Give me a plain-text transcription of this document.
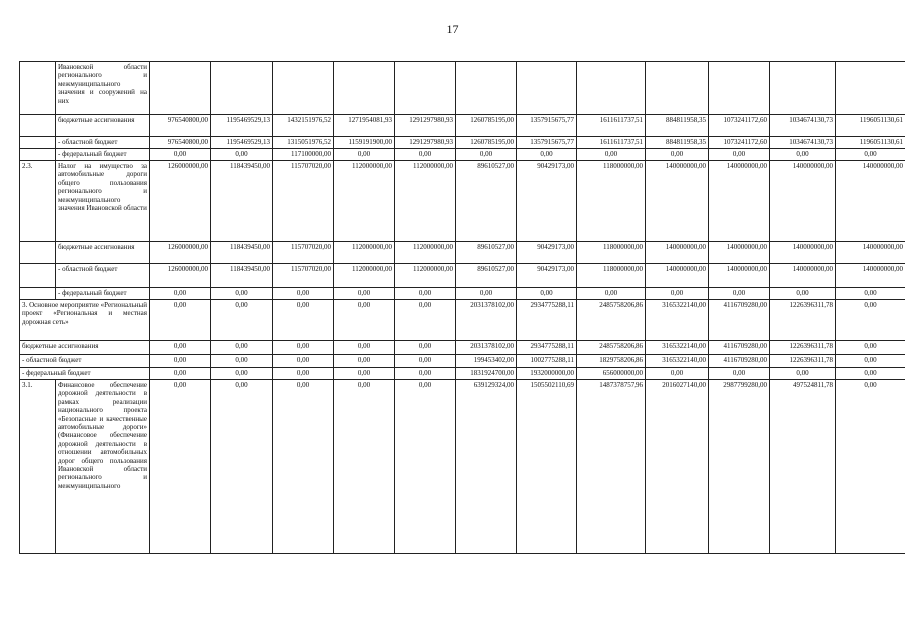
17
	Ивановской области регионального и межмуниципального значения и сооружений на них												
	бюджетные ассигнования	976540800,00	1195469529,13	1432151976,52	1271954081,93	1291297980,93	1260785195,00	1357915675,77	1611611737,51	884811958,35	1073241172,60	1034674130,73	1196051130,61
	- областной бюджет	976540800,00	1195469529,13	1315051976,52	1159191900,00	1291297980,93	1260785195,00	1357915675,77	1611611737,51	884811958,35	1073241172,60	1034674130,73	1196051130,61
	- федеральный бюджет	0,00	0,00	117100000,00	0,00	0,00	0,00	0,00	0,00	0,00	0,00	0,00	0,00
2.3.	Налог на имущество за автомобильные дороги общего пользования регионального и межмуниципального значения Ивановской области	126000000,00	118439450,00	115707020,00	112000000,00	112000000,00	89610527,00	90429173,00	118000000,00	140000000,00	140000000,00	140000000,00	140000000,00
	бюджетные ассигнования	126000000,00	118439450,00	115707020,00	112000000,00	112000000,00	89610527,00	90429173,00	118000000,00	140000000,00	140000000,00	140000000,00	140000000,00
	- областной бюджет	126000000,00	118439450,00	115707020,00	112000000,00	112000000,00	89610527,00	90429173,00	118000000,00	140000000,00	140000000,00	140000000,00	140000000,00
	- федеральный бюджет	0,00	0,00	0,00	0,00	0,00	0,00	0,00	0,00	0,00	0,00	0,00	0,00
3. Основное мероприятие «Региональный проект «Региональная и местная дорожная сеть»		0,00	0,00	0,00	0,00	0,00	2031378102,00	2934775288,11	2485758206,86	3165322140,00	4116709280,00	1226396311,78	0,00
бюджетные ассигнования		0,00	0,00	0,00	0,00	0,00	2031378102,00	2934775288,11	2485758206,86	3165322140,00	4116709280,00	1226396311,78	0,00
- областной бюджет		0,00	0,00	0,00	0,00	0,00	199453402,00	1002775288,11	1829758206,86	3165322140,00	4116709280,00	1226396311,78	0,00
- федеральный бюджет		0,00	0,00	0,00	0,00	0,00	1831924700,00	1932000000,00	656000000,00	0,00	0,00	0,00	0,00
3.1.	Финансовое обеспечение дорожной деятельности в рамках реализации национального проекта «Безопасные и качественные автомобильные дороги» (Финансовое обеспечение дорожной деятельности в отношении автомобильных дорог общего пользования Ивановской области регионального и межмуниципального	0,00	0,00	0,00	0,00	0,00	639129324,00	1505502110,69	1487378757,96	2016027140,00	2987799280,00	497524811,78	0,00
